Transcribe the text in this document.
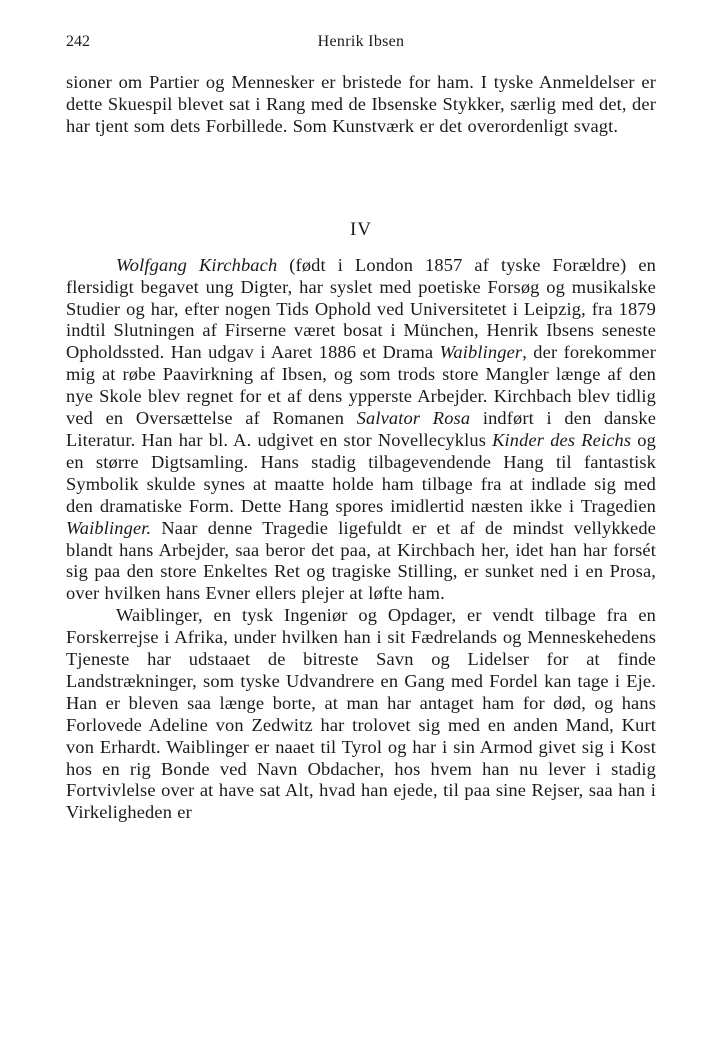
242	Henrik Ibsen

sioner om Partier og Mennesker er bristede for ham. I tyske Anmeldelser er dette Skuespil blevet sat i Rang med de Ibsenske Stykker, særlig med det, der har tjent som dets Forbillede. Som Kunstværk er det overordenligt svagt.

IV

Wolfgang Kirchbach (født i London 1857 af tyske Forældre) en flersidigt begavet ung Digter, har syslet med poetiske Forsøg og musikalske Studier og har, efter nogen Tids Ophold ved Universitetet i Leipzig, fra 1879 indtil Slutningen af Firserne været bosat i München, Henrik Ibsens seneste Opholdssted. Han udgav i Aaret 1886 et Drama Waiblinger, der forekommer mig at røbe Paavirkning af Ibsen, og som trods store Mangler længe af den nye Skole blev regnet for et af dens ypperste Arbejder. Kirchbach blev tidlig ved en Oversættelse af Romanen Salvator Rosa indført i den danske Literatur. Han har bl. A. udgivet en stor Novellecyklus Kinder des Reichs og en større Digtsamling. Hans stadig tilbagevendende Hang til fantastisk Symbolik skulde synes at maatte holde ham tilbage fra at indlade sig med den dramatiske Form. Dette Hang spores imidlertid næsten ikke i Tragedien Waiblinger. Naar denne Tragedie ligefuldt er et af de mindst vellykkede blandt hans Arbejder, saa beror det paa, at Kirchbach her, idet han har forsét sig paa den store Enkeltes Ret og tragiske Stilling, er sunket ned i en Prosa, over hvilken hans Evner ellers plejer at løfte ham.

Waiblinger, en tysk Ingeniør og Opdager, er vendt tilbage fra en Forskerrejse i Afrika, under hvilken han i sit Fædrelands og Menneskehedens Tjeneste har udstaaet de bitreste Savn og Lidelser for at finde Landstrækninger, som tyske Udvandrere en Gang med Fordel kan tage i Eje. Han er bleven saa længe borte, at man har antaget ham for død, og hans Forlovede Adeline von Zedwitz har trolovet sig med en anden Mand, Kurt von Erhardt. Waiblinger er naaet til Tyrol og har i sin Armod givet sig i Kost hos en rig Bonde ved Navn Obdacher, hos hvem han nu lever i stadig Fortvivlelse over at have sat Alt, hvad han ejede, til paa sine Rejser, saa han i Virkeligheden er
